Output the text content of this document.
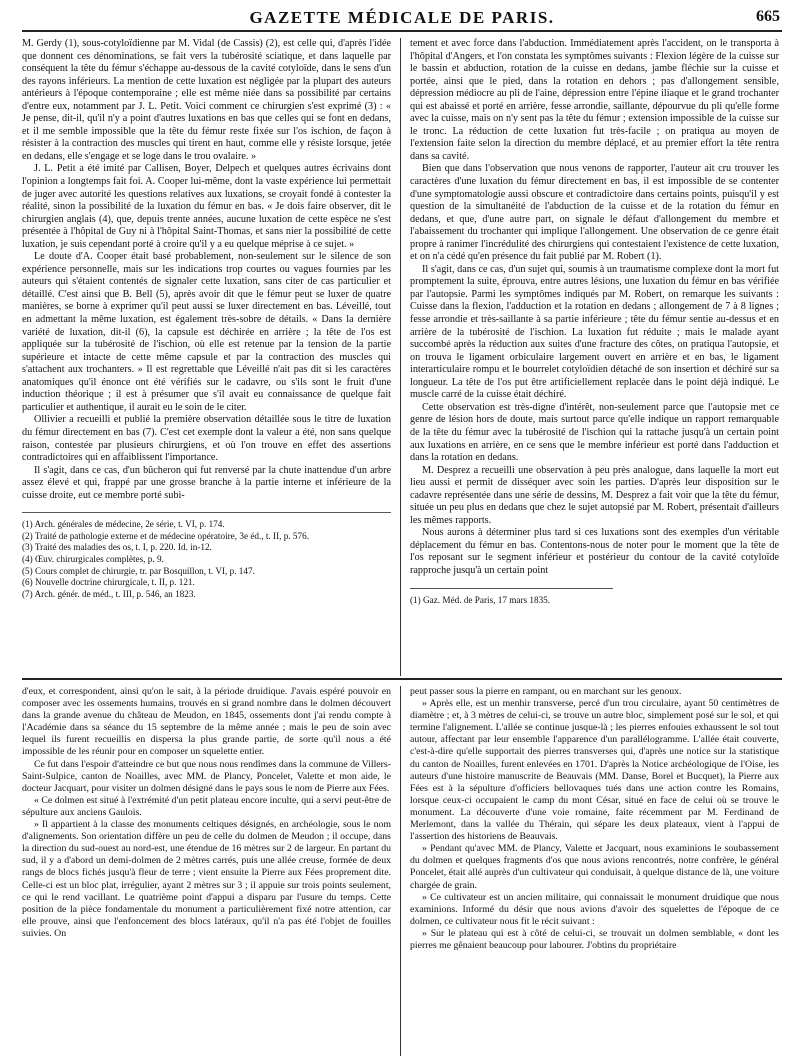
GAZETTE MÉDICALE DE PARIS.	665

M. Gerdy (1), sous-cotyloïdienne par M. Vidal (de Cassis) (2), est celle qui, d'après l'idée que donnent ces dénominations, se fait vers la tubérosité sciatique, et dans laquelle par conséquent la tête du fémur s'échappe au-dessous de la cavité cotyloïde, dans le sens d'un des rayons inférieurs. La mention de cette luxation est négligée par la plupart des auteurs antérieurs à l'époque contemporaine ; elle est même niée dans sa possibilité par certains d'entre eux, notamment par J. L. Petit. Voici comment ce chirurgien s'est exprimé (3) : « Je pense, dit-il, qu'il n'y a point d'autres luxations en bas que celles qui se font en dedans, et il me semble impossible que la tête du fémur reste fixée sur l'os ischion, de façon à résister à la contraction des muscles qui tirent en haut, comme elle y résiste lorsque, jetée en dedans, elle s'engage et se loge dans le trou ovalaire. »

J. L. Petit a été imité par Callisen, Boyer, Delpech et quelques autres écrivains dont l'opinion a longtemps fait foi. A. Cooper lui-même, dont la vaste expérience lui permettait de juger avec autorité les questions relatives aux luxations, se croyait fondé à contester la réalité, sinon la possibilité de la luxation du fémur en bas. « Je dois faire observer, dit le chirurgien anglais (4), que, depuis trente années, aucune luxation de cette espèce ne s'est présentée à l'hôpital de Guy ni à l'hôpital Saint-Thomas, et sans nier la possibilité de cette luxation, je suis cependant porté à croire qu'il y a eu quelque méprise à ce sujet. »

Le doute d'A. Cooper était basé probablement, non-seulement sur le silence de son expérience personnelle, mais sur les indications trop courtes ou vagues fournies par les auteurs qui s'étaient contentés de signaler cette luxation, sans citer de cas particulier et détaillé. C'est ainsi que B. Bell (5), après avoir dit que le fémur peut se luxer de quatre manières, se borne à exprimer qu'il peut aussi se luxer directement en bas. Léveillé, tout en admettant la même luxation, est également très-sobre de détails. « Dans la dernière variété de luxation, dit-il (6), la capsule est déchirée en arrière ; la tête de l'os est appliquée sur la tubérosité de l'ischion, où elle est retenue par la tension de la partie supérieure et intacte de cette même capsule et par la contraction des muscles qui s'attachent aux trochanters. » Il est regrettable que Léveillé n'ait pas dit si les caractères anatomiques qu'il énonce ont été vérifiés sur le cadavre, ou s'ils sont le fruit d'une induction théorique ; il est à présumer que s'il avait eu connaissance de quelque fait particulier et authentique, il aurait eu le soin de le citer.

Ollivier a recueilli et publié la première observation détaillée sous le titre de luxation du fémur directement en bas (7). C'est cet exemple dont la valeur a été, non sans quelque raison, contestée par plusieurs chirurgiens, et où l'on trouve en effet des assertions contradictoires qui en affaiblissent l'importance.

Il s'agit, dans ce cas, d'un bûcheron qui fut renversé par la chute inattendue d'un arbre assez élevé et qui, frappé par une grosse branche à la partie interne et inférieure de la cuisse droite, eut ce membre porté subi-

(1) Arch. générales de médecine, 2e série, t. VI, p. 174.

(2) Traité de pathologie externe et de médecine opératoire, 3e éd., t. II, p. 576.

(3) Traité des maladies des os, t. I, p. 220. Id. in-12.

(4) Œuv. chirurgicales complètes, p. 9.

(5) Cours complet de chirurgie, tr. par Bosquillon, t. VI, p. 147.

(6) Nouvelle doctrine chirurgicale, t. II, p. 121.

(7) Arch. génér. de méd., t. III, p. 546, an 1823.

tement et avec force dans l'abduction. Immédiatement après l'accident, on le transporta à l'hôpital d'Angers, et l'on constata les symptômes suivants : Flexion légère de la cuisse sur le bassin et abduction, rotation de la cuisse en dedans, jambe fléchie sur la cuisse et portée, ainsi que le pied, dans la rotation en dehors ; pas d'allongement sensible, dépression médiocre au pli de l'aine, dépression entre l'épine iliaque et le grand trochanter qui est abaissé et porté en arrière, fesse arrondie, saillante, dépourvue du pli qu'elle forme avec la cuisse, mais on n'y sent pas la tête du fémur ; extension impossible de la cuisse sur le tronc. La réduction de cette luxation fut très-facile ; on pratiqua au moyen de l'extension faite selon la direction du membre déplacé, et au premier effort la tête rentra dans sa cavité.

Bien que dans l'observation que nous venons de rapporter, l'auteur ait cru trouver les caractères d'une luxation du fémur directement en bas, il est impossible de se contenter d'une symptomatologie aussi obscure et contradictoire dans certains points, puisqu'il y est question de la simultanéité de l'abduction de la cuisse et de la rotation du fémur en dedans, et que, d'une autre part, on signale le défaut d'allongement du membre et l'abaissement du trochanter qui implique l'allongement. Une observation de ce genre était propre à ranimer l'incrédulité des chirurgiens qui contestaient l'existence de cette luxation, et on n'a cédé qu'en présence du fait publié par M. Robert (1).

Il s'agit, dans ce cas, d'un sujet qui, soumis à un traumatisme complexe dont la mort fut promptement la suite, éprouva, entre autres lésions, une luxation du fémur en bas vérifiée par l'autopsie. Parmi les symptômes indiqués par M. Robert, on remarque les suivants : Cuisse dans la flexion, l'adduction et la rotation en dedans ; allongement de 7 à 8 lignes ; fesse arrondie et très-saillante à sa partie inférieure ; tête du fémur sentie au-dessus et en arrière de la tubérosité de l'ischion. La luxation fut réduite ; mais le malade ayant succombé après la réduction aux suites d'une fracture des côtes, on pratiqua l'autopsie, et on trouva le ligament orbiculaire largement ouvert en arrière et en bas, le ligament interarticulaire rompu et le bourrelet cotyloïdien détaché de son insertion et déchiré sur sa longueur. La tête de l'os put être artificiellement replacée dans le point déjà indiqué. Le muscle carré de la cuisse était déchiré.

Cette observation est très-digne d'intérêt, non-seulement parce que l'autopsie met ce genre de lésion hors de doute, mais surtout parce qu'elle indique un rapport remarquable de la tête du fémur avec la tubérosité de l'ischion qui la rattache jusqu'à un certain point aux luxations en arrière, en ce sens que le membre inférieur est porté dans l'adduction et dans la rotation en dedans.

M. Desprez a recueilli une observation à peu près analogue, dans laquelle la mort eut lieu aussi et permit de disséquer avec soin les parties. D'après leur disposition sur le cadavre représentée dans une série de dessins, M. Desprez a fait voir que la tête du fémur, située un peu plus en dedans que chez le sujet autopsié par M. Robert, présentait d'ailleurs les mêmes rapports.

Nous aurons à déterminer plus tard si ces luxations sont des exemples d'un véritable déplacement du fémur en bas. Contentons-nous de noter pour le moment que la tête de l'os reposant sur le segment inférieur et postérieur du contour de la cavité cotyloïde rapproche jusqu'à un certain point

(1) Gaz. Méd. de Paris, 17 mars 1835.

d'eux, et correspondent, ainsi qu'on le sait, à la période druidique. J'avais espéré pouvoir en composer avec les ossements humains, trouvés en si grand nombre dans le dolmen découvert dans la grande avenue du château de Meudon, en 1845, ossements dont j'ai rendu compte à l'Académie dans sa séance du 15 septembre de la même année ; mais le peu de soin avec lequel ils furent recueillis en dispersa la plus grande partie, de sorte qu'il nous a été impossible de les réunir pour en composer un squelette entier.

Ce fut dans l'espoir d'atteindre ce but que nous nous rendîmes dans la commune de Villers-Saint-Sulpice, canton de Noailles, avec MM. de Plancy, Poncelet, Valette et mon aide, le docteur Jacquart, pour visiter un dolmen désigné dans le pays sous le nom de Pierre aux Fées.

« Ce dolmen est situé à l'extrémité d'un petit plateau encore inculte, qui a servi peut-être de sépulture aux anciens Gaulois.

» Il appartient à la classe des monuments celtiques désignés, en archéologie, sous le nom d'alignements. Son orientation diffère un peu de celle du dolmen de Meudon ; il occupe, dans la direction du sud-ouest au nord-est, une étendue de 16 mètres sur 2 de largeur. En partant du sud, il y a d'abord un demi-dolmen de 2 mètres carrés, puis une allée creuse, formée de deux rangs de blocs fichés jusqu'à fleur de terre ; vient ensuite la Pierre aux Fées proprement dite. Celle-ci est un bloc plat, irrégulier, ayant 2 mètres sur 3 ; il appuie sur trois points seulement, ce qui le rend vacillant. Le quatrième point d'appui a disparu par l'usure du temps. Cette position de la pièce fondamentale du monument a particulièrement fixé notre attention, car elle prouve, ainsi que l'enfoncement des blocs latéraux, qu'il n'a pas été l'objet de fouilles suivies. On

peut passer sous la pierre en rampant, ou en marchant sur les genoux.

» Après elle, est un menhir transverse, percé d'un trou circulaire, ayant 50 centimètres de diamètre ; et, à 3 mètres de celui-ci, se trouve un autre bloc, simplement posé sur le sol, et qui termine l'alignement. L'allée se continue jusque-là ; les pierres enfouies exhaussent le sol tout autour, affectant par leur ensemble l'apparence d'un parallélogramme. L'allée était couverte, c'est-à-dire qu'elle supportait des pierres transverses qui, d'après une notice sur la statistique du canton de Noailles, furent enlevées en 1701. D'après la Notice archéologique de l'Oise, les auteurs d'une histoire manuscrite de Beauvais (MM. Danse, Borel et Bucquet), la Pierre aux Fées est à la sépulture d'officiers bellovaques tués dans une action contre les Romains, lorsque ceux-ci occupaient le camp du mont César, situé en face de celui où se trouve le monument. La découverte d'une voie romaine, faite récemment par M. Ferdinand de Merlemont, dans la vallée du Thérain, qui sépare les deux plateaux, vient à l'appui de l'assertion des historiens de Beauvais.

» Pendant qu'avec MM. de Plancy, Valette et Jacquart, nous examinions le soubassement du dolmen et quelques fragments d'os que nous avions rencontrés, notre confrère, le général Poncelet, était allé auprès d'un cultivateur qui conduisait, à quelque distance de là, une voiture chargée de grain.

» Ce cultivateur est un ancien militaire, qui connaissait le monument druidique que nous examinions. Informé du désir que nous avions d'avoir des squelettes de l'époque de ce dolmen, ce cultivateur nous fit le récit suivant :

» Sur le plateau qui est à côté de celui-ci, se trouvait un dolmen semblable, « dont les pierres me gênaient beaucoup pour labourer. J'obtins du propriétaire
